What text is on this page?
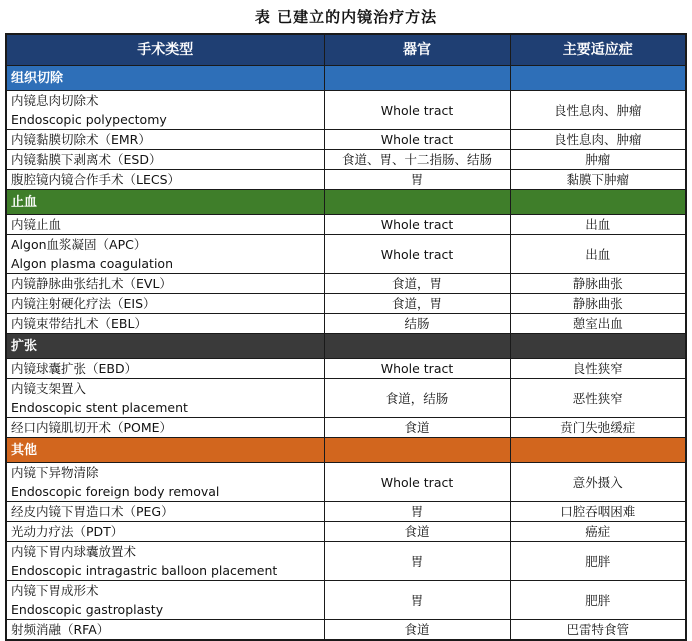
表 已建立的内镜治疗方法
手术类型	器官	主要适应症
组织切除		

内镜息肉切除术
Endoscopic polypectomy	Whole tract	良性息肉、肿瘤

内镜黏膜切除术（EMR）	Whole tract	良性息肉、肿瘤

内镜黏膜下剥离术（ESD）	食道、胃、十二指肠、结肠	肿瘤

腹腔镜内镜合作手术（LECS）	胃	黏膜下肿瘤
止血		

内镜止血	Whole tract	出血

Algon血浆凝固（APC）
Algon plasma coagulation	Whole tract	出血

内镜静脉曲张结扎术（EVL）	食道，胃	静脉曲张

内镜注射硬化疗法（EIS）	食道，胃	静脉曲张

内镜束带结扎术（EBL）	结肠	憩室出血
扩张		

内镜球囊扩张（EBD）	Whole tract	良性狭窄

内镜支架置入
Endoscopic stent placement	食道，结肠	恶性狭窄

经口内镜肌切开术（POME）	食道	贲门失弛缓症
其他		

内镜下异物清除
Endoscopic foreign body removal	Whole tract	意外摄入

经皮内镜下胃造口术（PEG）	胃	口腔吞咽困难

光动力疗法（PDT）	食道	癌症

内镜下胃内球囊放置术
Endoscopic intragastric balloon placement	胃	肥胖

内镜下胃成形术
Endoscopic gastroplasty	胃	肥胖

射频消融（RFA）	食道	巴雷特食管
